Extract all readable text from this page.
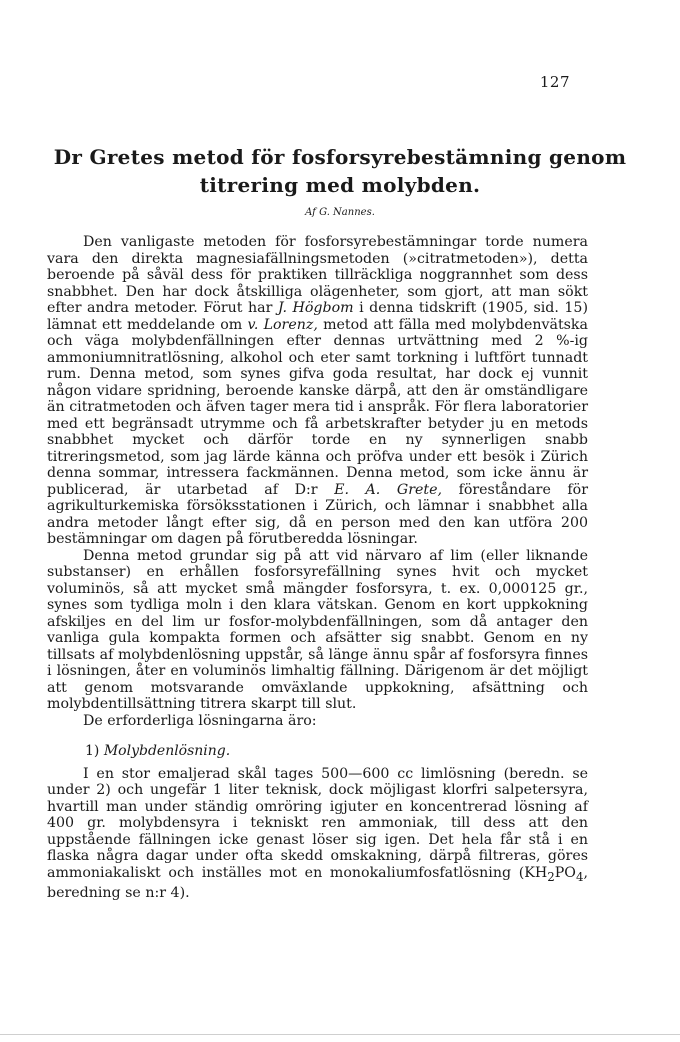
127
Dr Gretes metod för fosforsyrebestämning genom
titrering med molybden.
Af G. Nannes.

Den vanligaste metoden för fosforsyrebestämningar torde numera vara den direkta magnesiafällningsmetoden (»citratmetoden»), detta beroende på såväl dess för praktiken tillräckliga noggrannhet som dess snabbhet. Den har dock åtskilliga olägenheter, som gjort, att man sökt efter andra metoder. Förut har J. Högbom i denna tidskrift (1905, sid. 15) lämnat ett meddelande om v. Lorenz, metod att fälla med molybdenvätska och väga molybdenfällningen efter dennas urtvättning med 2 %-ig ammoniumnitratlösning, alkohol och eter samt torkning i luftfört tunnadt rum. Denna metod, som synes gifva goda resultat, har dock ej vunnit någon vidare spridning, beroende kanske därpå, att den är omständligare än citratmetoden och äfven tager mera tid i anspråk. För flera laboratorier med ett begränsadt utrymme och få arbetskrafter betyder ju en metods snabbhet mycket och därför torde en ny synnerligen snabb titreringsmetod, som jag lärde känna och pröfva under ett besök i Zürich denna sommar, intressera fackmännen. Denna metod, som icke ännu är publicerad, är utarbetad af D:r E. A. Grete, föreståndare för agrikulturkemiska försöksstationen i Zürich, och lämnar i snabbhet alla andra metoder långt efter sig, då en person med den kan utföra 200 bestämningar om dagen på förutberedda lösningar.

Denna metod grundar sig på att vid närvaro af lim (eller liknande substanser) en erhållen fosforsyrefällning synes hvit och mycket voluminös, så att mycket små mängder fosforsyra, t. ex. 0,000125 gr., synes som tydliga moln i den klara vätskan. Genom en kort uppkokning afskiljes en del lim ur fosfor-molybdenfällningen, som då antager den vanliga gula kompakta formen och afsätter sig snabbt. Genom en ny tillsats af molybdenlösning uppstår, så länge ännu spår af fosforsyra finnes i lösningen, åter en voluminös limhaltig fällning. Därigenom är det möjligt att genom motsvarande omväxlande uppkokning, afsättning och molybdentillsättning titrera skarpt till slut.

De erforderliga lösningarna äro:

1) Molybdenlösning.

I en stor emaljerad skål tages 500—600 cc limlösning (beredn. se under 2) och ungefär 1 liter teknisk, dock möjligast klorfri salpetersyra, hvartill man under ständig omröring igjuter en koncentrerad lösning af 400 gr. molybdensyra i tekniskt ren ammoniak, till dess att den uppstående fällningen icke genast löser sig igen. Det hela får stå i en flaska några dagar under ofta skedd omskakning, därpå filtreras, göres ammoniakaliskt och inställes mot en monokaliumfosfatlösning ($KH_2PO_4$, beredning se n:r 4).
